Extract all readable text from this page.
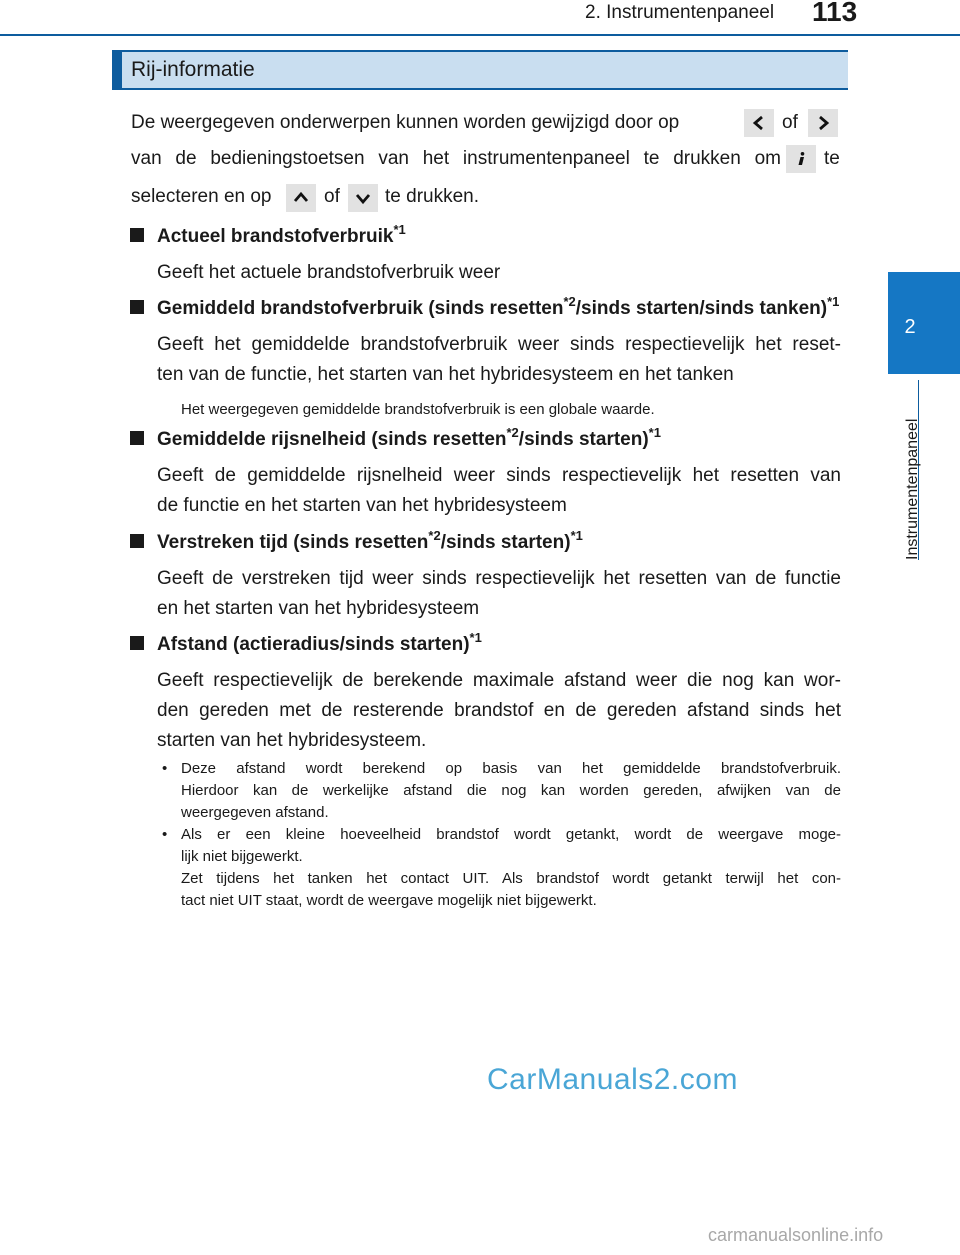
2. Instrumentenpaneel 113
2
Instrumentenpaneel
Rij-informatie
De weergegeven onderwerpen kunnen worden gewijzigd door op	of
van de bedieningstoetsen van het instrumentenpaneel te drukken om te
selecteren en op	of te drukken.
Actueel brandstofverbruik$^{*1}$
Geeft het actuele brandstofverbruik weer
Gemiddeld brandstofverbruik (sinds resetten$^{*2}$/sinds starten/sinds tanken)$^{*1}$
Geeft het gemiddelde brandstofverbruik weer sinds respectievelijk het reset-
ten van de functie, het starten van het hybridesysteem en het tanken
Het weergegeven gemiddelde brandstofverbruik is een globale waarde.
Gemiddelde rijsnelheid (sinds resetten$^{*2}$/sinds starten)$^{*1}$
Geeft de gemiddelde rijsnelheid weer sinds respectievelijk het resetten van
de functie en het starten van het hybridesysteem
Verstreken tijd (sinds resetten$^{*2}$/sinds starten)$^{*1}$
Geeft de verstreken tijd weer sinds respectievelijk het resetten van de functie
en het starten van het hybridesysteem
Afstand (actieradius/sinds starten)$^{*1}$
Geeft respectievelijk de berekende maximale afstand weer die nog kan wor-
den gereden met de resterende brandstof en de gereden afstand sinds het
starten van het hybridesysteem.
• Deze afstand wordt berekend op basis van het gemiddelde brandstofverbruik.
Hierdoor kan de werkelijke afstand die nog kan worden gereden, afwijken van de
weergegeven afstand.
• Als er een kleine hoeveelheid brandstof wordt getankt, wordt de weergave moge-
lijk niet bijgewerkt.
Zet tijdens het tanken het contact UIT. Als brandstof wordt getankt terwijl het con-
tact niet UIT staat, wordt de weergave mogelijk niet bijgewerkt.
CarManuals2.com
carmanualsonline.info
